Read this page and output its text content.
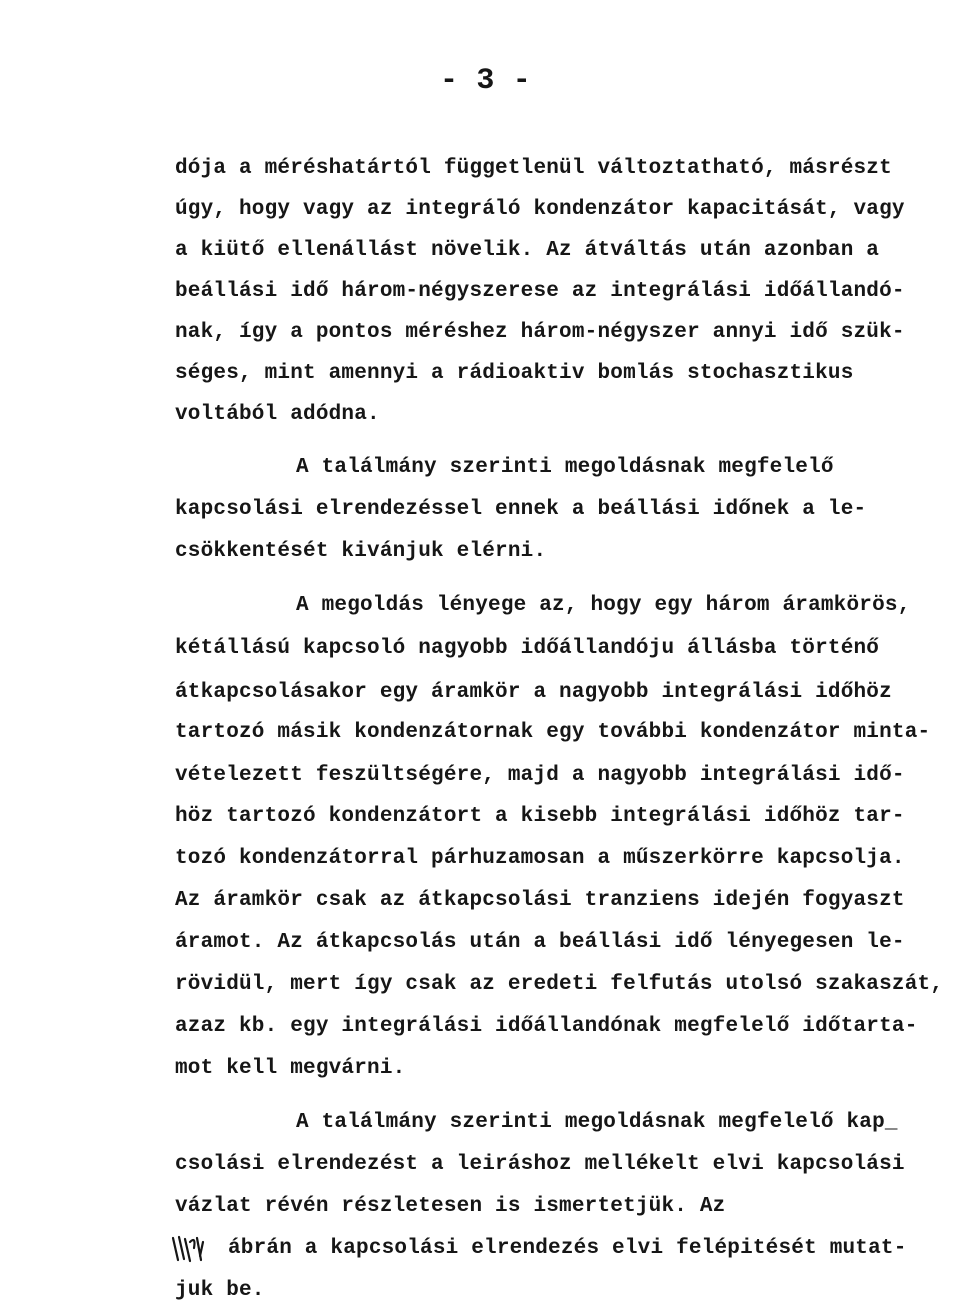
- 3 -
dója a méréshatártól függetlenül változtatható, másrészt
úgy, hogy vagy az integráló kondenzátor kapacitását, vagy
a kiütő ellenállást növelik. Az átváltás után azonban a
beállási idő három-négyszerese az integrálási időállandó-
nak, így a pontos méréshez három-négyszer annyi idő szük-
séges, mint amennyi a rádioaktiv bomlás stochasztikus
voltából adódna.
A találmány szerinti megoldásnak megfelelő
kapcsolási elrendezéssel ennek a beállási időnek a le-
csökkentését kivánjuk elérni.
A megoldás lényege az, hogy egy három áramkörös,
kétállású kapcsoló nagyobb időállandóju állásba történő
átkapcsolásakor egy áramkör a nagyobb integrálási időhöz
tartozó másik kondenzátornak egy további kondenzátor minta-
vételezett feszültségére, majd a nagyobb integrálási idő-
höz tartozó kondenzátort a kisebb integrálási időhöz tar-
tozó kondenzátorral párhuzamosan a műszerkörre kapcsolja.
Az áramkör csak az átkapcsolási tranziens idején fogyaszt
áramot. Az átkapcsolás után a beállási idő lényegesen le-
rövidül, mert így csak az eredeti felfutás utolsó szakaszát,
azaz kb. egy integrálási időállandónak megfelelő időtarta-
mot kell megvárni.
A találmány szerinti megoldásnak megfelelő kap_
csolási elrendezést a leiráshoz mellékelt elvi kapcsolási
vázlat révén részletesen is ismertetjük. Az
ábrán a kapcsolási elrendezés elvi felépitését mutat-
juk be.
